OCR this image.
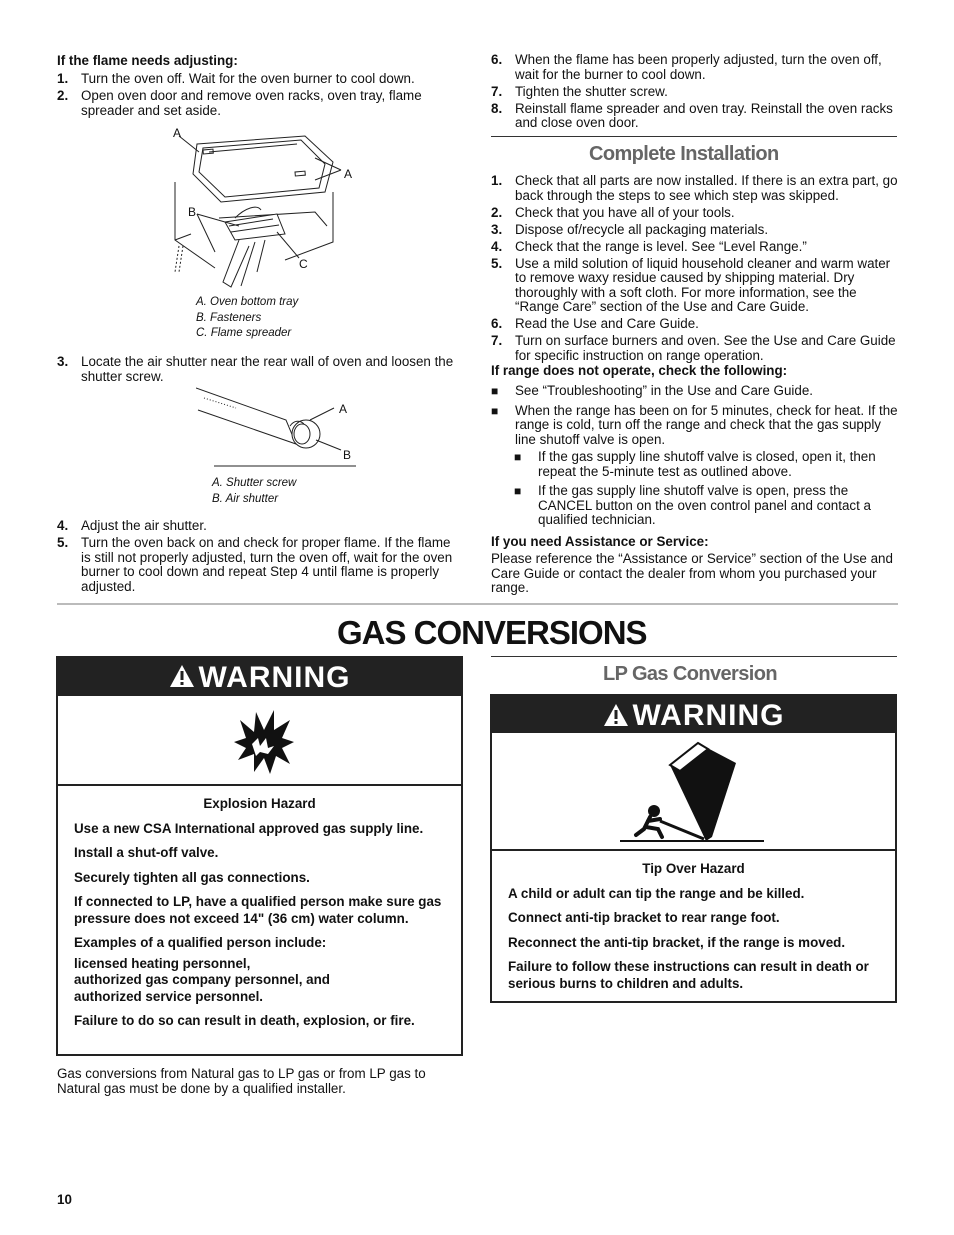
If the flame needs adjusting:
1. Turn the oven off. Wait for the oven burner to cool down.
2. Open oven door and remove oven racks, oven tray, flame spreader and set aside.
A
A
B
C
A. Oven bottom tray
B. Fasteners
C. Flame spreader
3. Locate the air shutter near the rear wall of oven and loosen the shutter screw.
A
B
A. Shutter screw
B. Air shutter
4. Adjust the air shutter.
5. Turn the oven back on and check for proper flame. If the flame is still not properly adjusted, turn the oven off, wait for the oven burner to cool down and repeat Step 4 until flame is properly adjusted.
6. When the flame has been properly adjusted, turn the oven off, wait for the burner to cool down.
7. Tighten the shutter screw.
8. Reinstall flame spreader and oven tray. Reinstall the oven racks and close oven door.
Complete Installation
1. Check that all parts are now installed. If there is an extra part, go back through the steps to see which step was skipped.
2. Check that you have all of your tools.
3. Dispose of/recycle all packaging materials.
4. Check that the range is level. See “Level Range.”
5. Use a mild solution of liquid household cleaner and warm water to remove waxy residue caused by shipping material. Dry thoroughly with a soft cloth. For more information, see the “Range Care” section of the Use and Care Guide.
6. Read the Use and Care Guide.
7. Turn on surface burners and oven. See the Use and Care Guide for specific instruction on range operation.
If range does not operate, check the following:
■ See “Troubleshooting” in the Use and Care Guide.
■ When the range has been on for 5 minutes, check for heat. If the range is cold, turn off the range and check that the gas supply line shutoff valve is open.
■ If the gas supply line shutoff valve is closed, open it, then repeat the 5-minute test as outlined above.
■ If the gas supply line shutoff valve is open, press the CANCEL button on the oven control panel and contact a qualified technician.
If you need Assistance or Service:
Please reference the “Assistance or Service” section of the Use and Care Guide or contact the dealer from whom you purchased your range.
GAS CONVERSIONS
WARNING

Explosion Hazard

Use a new CSA International approved gas supply line.

Install a shut-off valve.

Securely tighten all gas connections.

If connected to LP, have a qualified person make sure gas pressure does not exceed 14" (36 cm) water column.

Examples of a qualified person include:

licensed heating personnel,
authorized gas company personnel, and
authorized service personnel.

Failure to do so can result in death, explosion, or fire.

Gas conversions from Natural gas to LP gas or from LP gas to Natural gas must be done by a qualified installer.
LP Gas Conversion
WARNING

Tip Over Hazard

A child or adult can tip the range and be killed.

Connect anti-tip bracket to rear range foot.

Reconnect the anti-tip bracket, if the range is moved.

Failure to follow these instructions can result in death or serious burns to children and adults.

10
